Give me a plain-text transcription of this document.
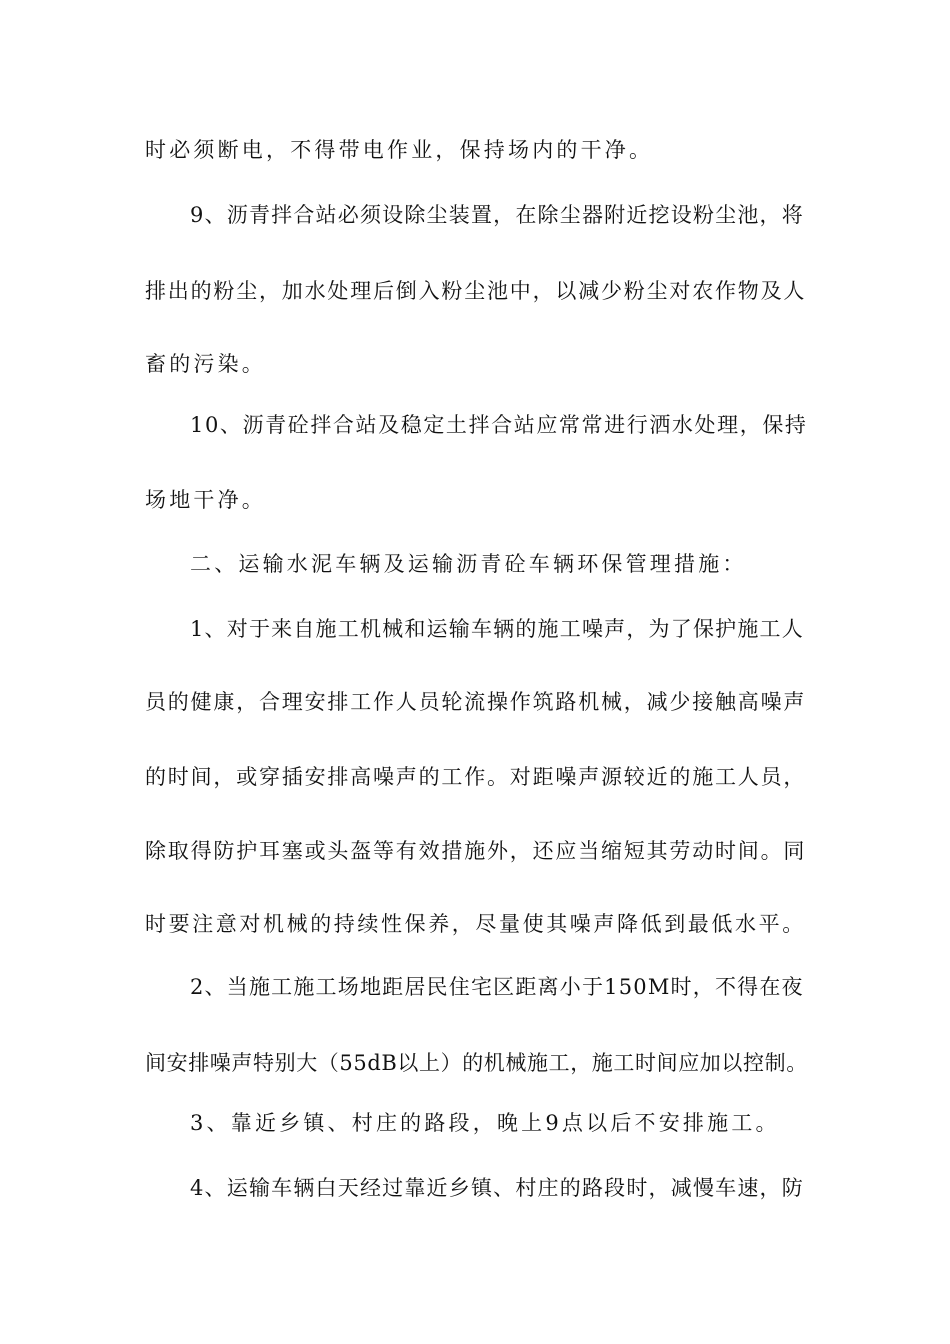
时必须断电，不得带电作业，保持场内的干净。
9、沥青拌合站必须设除尘装置，在除尘器附近挖设粉尘池，将
排出的粉尘，加水处理后倒入粉尘池中，以减少粉尘对农作物及人
畜的污染。
10、沥青砼拌合站及稳定土拌合站应常常进行洒水处理，保持
场地干净。
二、运输水泥车辆及运输沥青砼车辆环保管理措施：
1、对于来自施工机械和运输车辆的施工噪声，为了保护施工人
员的健康，合理安排工作人员轮流操作筑路机械，减少接触高噪声
的时间，或穿插安排高噪声的工作。对距噪声源较近的施工人员，
除取得防护耳塞或头盔等有效措施外，还应当缩短其劳动时间。同
时要注意对机械的持续性保养，尽量使其噪声降低到最低水平。
2、当施工施工场地距居民住宅区距离小于150M时，不得在夜
间安排噪声特别大（55dB以上）的机械施工，施工时间应加以控制。
3、靠近乡镇、村庄的路段，晚上9点以后不安排施工。
4、运输车辆白天经过靠近乡镇、村庄的路段时，减慢车速，防
